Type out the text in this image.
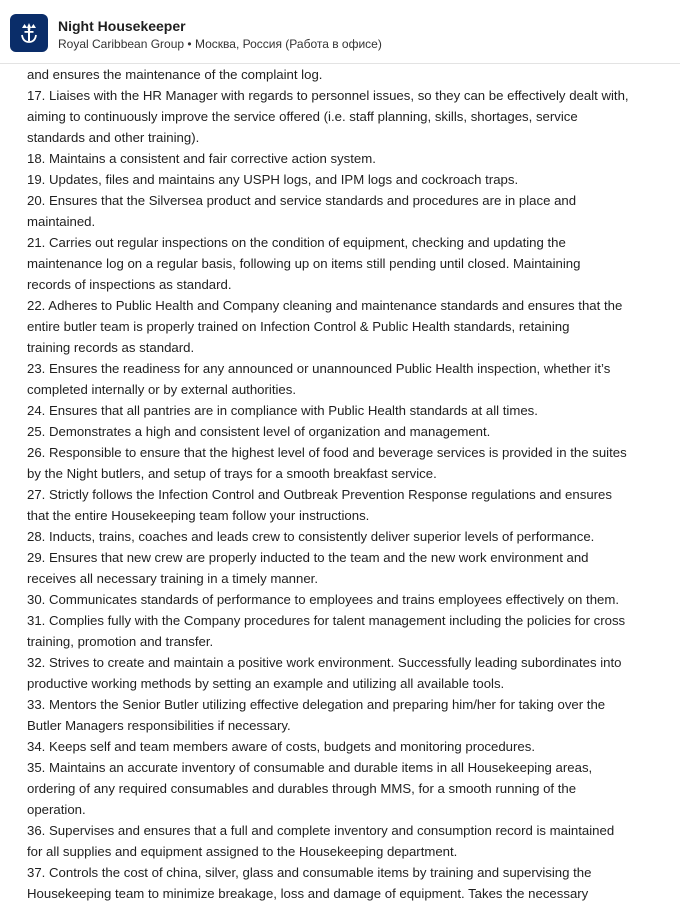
Night Housekeeper
Royal Caribbean Group • Москва, Россия (Работа в офисе)
and ensures the maintenance of the complaint log.
17. Liaises with the HR Manager with regards to personnel issues, so they can be effectively dealt with,
aiming to continuously improve the service offered (i.e. staff planning, skills, shortages, service
standards and other training).
18. Maintains a consistent and fair corrective action system.
19. Updates, files and maintains any USPH logs, and IPM logs and cockroach traps.
20. Ensures that the Silversea product and service standards and procedures are in place and
maintained.
21. Carries out regular inspections on the condition of equipment, checking and updating the
maintenance log on a regular basis, following up on items still pending until closed. Maintaining
records of inspections as standard.
22. Adheres to Public Health and Company cleaning and maintenance standards and ensures that the
entire butler team is properly trained on Infection Control & Public Health standards, retaining
training records as standard.
23. Ensures the readiness for any announced or unannounced Public Health inspection, whether it’s
completed internally or by external authorities.
24. Ensures that all pantries are in compliance with Public Health standards at all times.
25. Demonstrates a high and consistent level of organization and management.
26. Responsible to ensure that the highest level of food and beverage services is provided in the suites
by the Night butlers, and setup of trays for a smooth breakfast service.
27. Strictly follows the Infection Control and Outbreak Prevention Response regulations and ensures
that the entire Housekeeping team follow your instructions.
28. Inducts, trains, coaches and leads crew to consistently deliver superior levels of performance.
29. Ensures that new crew are properly inducted to the team and the new work environment and
receives all necessary training in a timely manner.
30. Communicates standards of performance to employees and trains employees effectively on them.
31. Complies fully with the Company procedures for talent management including the policies for cross
training, promotion and transfer.
32. Strives to create and maintain a positive work environment. Successfully leading subordinates into
productive working methods by setting an example and utilizing all available tools.
33. Mentors the Senior Butler utilizing effective delegation and preparing him/her for taking over the
Butler Managers responsibilities if necessary.
34. Keeps self and team members aware of costs, budgets and monitoring procedures.
35. Maintains an accurate inventory of consumable and durable items in all Housekeeping areas,
ordering of any required consumables and durables through MMS, for a smooth running of the
operation.
36. Supervises and ensures that a full and complete inventory and consumption record is maintained
for all supplies and equipment assigned to the Housekeeping department.
37. Controls the cost of china, silver, glass and consumable items by training and supervising the
Housekeeping team to minimize breakage, loss and damage of equipment. Takes the necessary
